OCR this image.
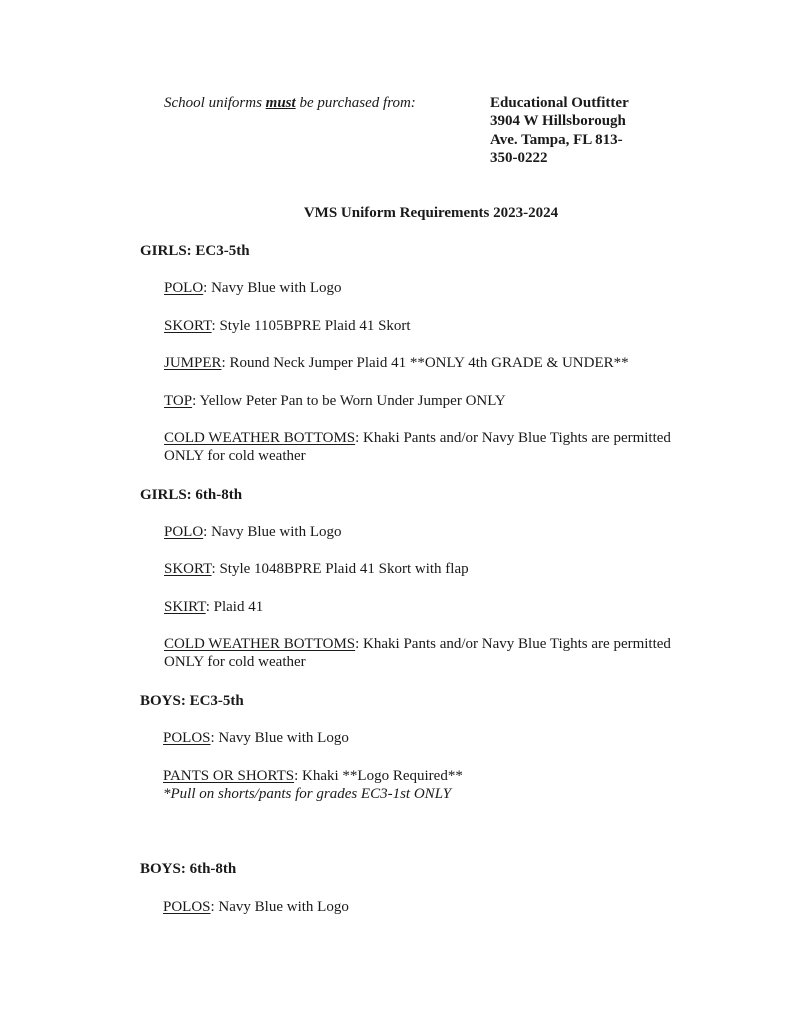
School uniforms must be purchased from:	Educational Outfitter
3904 W Hillsborough
Ave. Tampa, FL 813-
350-0222
VMS Uniform Requirements 2023-2024
GIRLS: EC3-5th
POLO: Navy Blue with Logo
SKORT: Style 1105BPRE Plaid 41 Skort
JUMPER: Round Neck Jumper Plaid 41 **ONLY 4th GRADE & UNDER**
TOP: Yellow Peter Pan to be Worn Under Jumper ONLY
COLD WEATHER BOTTOMS: Khaki Pants and/or Navy Blue Tights are permitted ONLY for cold weather
GIRLS: 6th-8th
POLO: Navy Blue with Logo
SKORT: Style 1048BPRE Plaid 41 Skort with flap
SKIRT: Plaid 41
COLD WEATHER BOTTOMS: Khaki Pants and/or Navy Blue Tights are permitted ONLY for cold weather
BOYS: EC3-5th
POLOS: Navy Blue with Logo
PANTS OR SHORTS: Khaki **Logo Required**
*Pull on shorts/pants for grades EC3-1st ONLY
BOYS: 6th-8th
POLOS: Navy Blue with Logo
